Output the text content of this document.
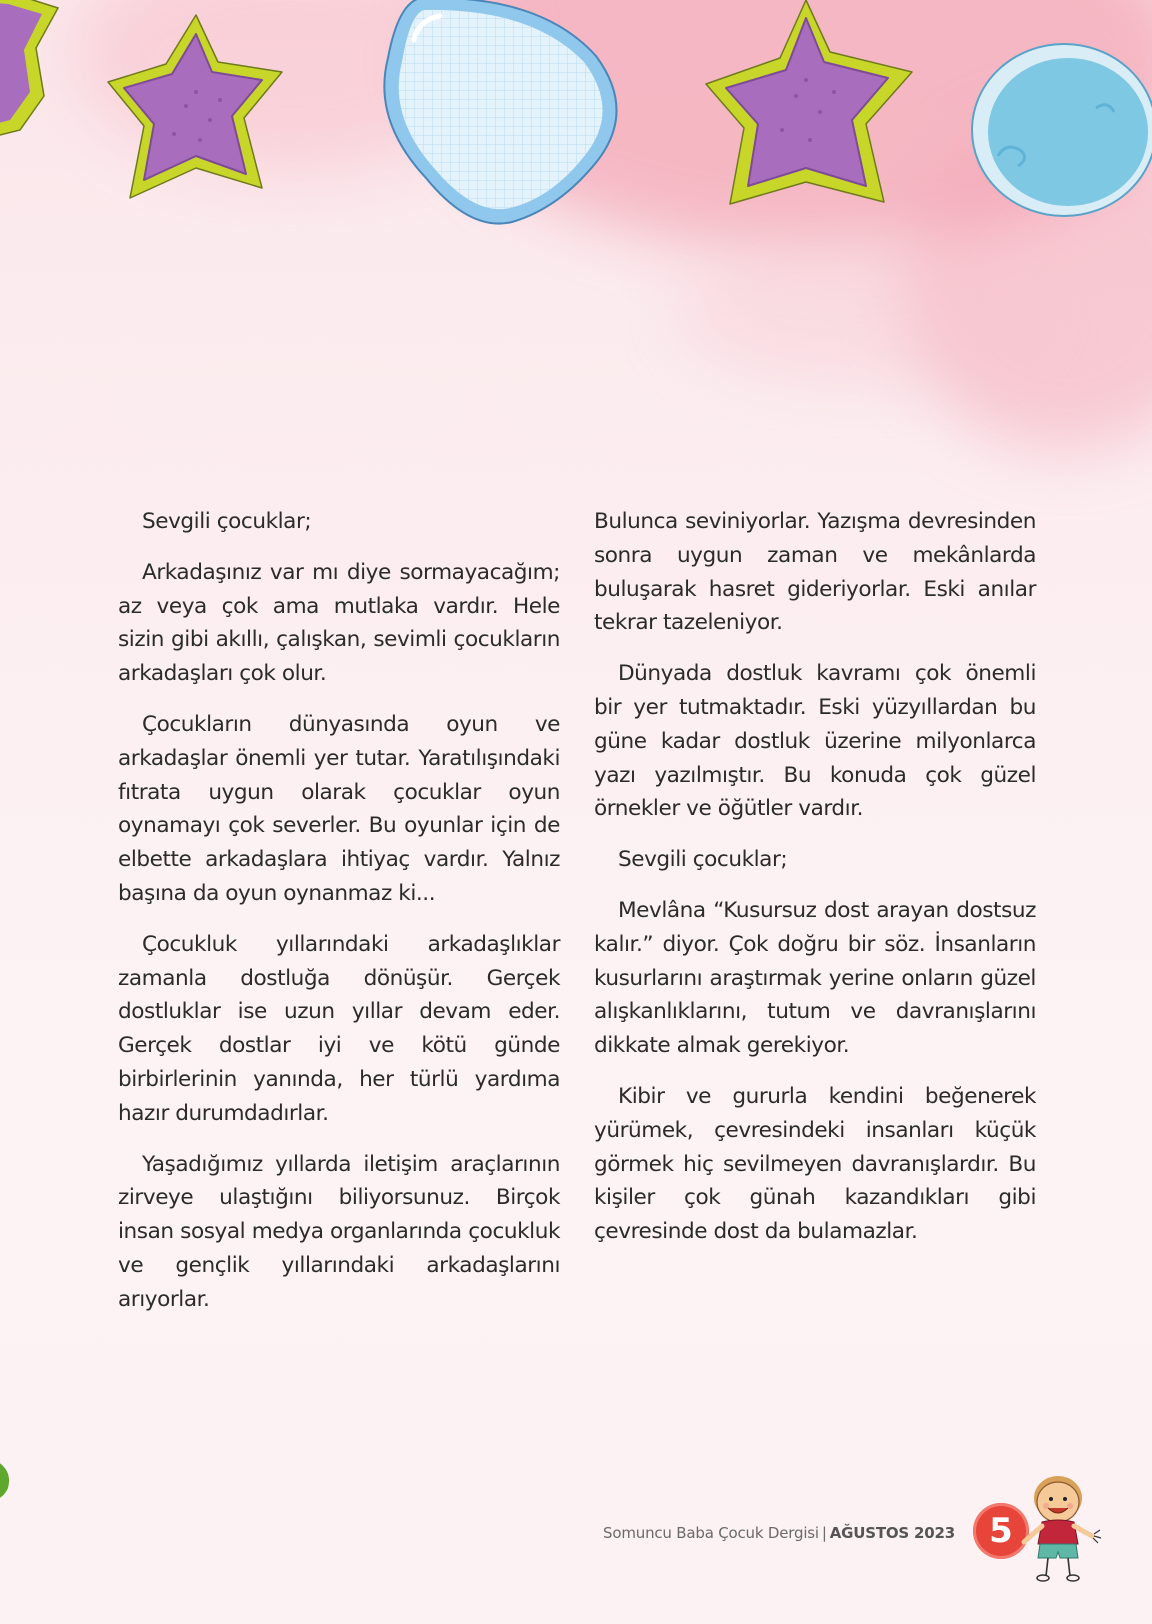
Sevgili çocuklar;

Arkadaşınız var mı diye sormayacağım; az veya çok ama mutlaka vardır. Hele sizin gibi akıllı, çalışkan, sevimli çocukların arkadaşları çok olur.

Çocukların dünyasında oyun ve arkadaşlar önemli yer tutar. Yaratılışındaki fıtrata uygun olarak çocuklar oyun oynamayı çok severler. Bu oyunlar için de elbette arkadaşlara ihtiyaç vardır. Yalnız başına da oyun oynanmaz ki...

Çocukluk yıllarındaki arkadaşlıklar zamanla dostluğa dönüşür. Gerçek dostluklar ise uzun yıllar devam eder. Gerçek dostlar iyi ve kötü günde birbirlerinin yanında, her türlü yardıma hazır durumdadırlar.

Yaşadığımız yıllarda iletişim araçlarının zirveye ulaştığını biliyorsunuz. Birçok insan sosyal medya organlarında çocukluk ve gençlik yıllarındaki arkadaşlarını arıyorlar.

Bulunca seviniyorlar. Yazışma devresinden sonra uygun zaman ve mekânlarda buluşarak hasret gideriyorlar. Eski anılar tekrar tazeleniyor.

Dünyada dostluk kavramı çok önemli bir yer tutmaktadır. Eski yüzyıllardan bu güne kadar dostluk üzerine milyonlarca yazı yazılmıştır. Bu konuda çok güzel örnekler ve öğütler vardır.

Sevgili çocuklar;

Mevlâna “Kusursuz dost arayan dostsuz kalır.” diyor. Çok doğru bir söz. İnsanların kusurlarını araştırmak yerine onların güzel alışkanlıklarını, tutum ve davranışlarını dikkate almak gerekiyor.

Kibir ve gururla kendini beğenerek yürümek, çevresindeki insanları küçük görmek hiç sevilmeyen davranışlardır. Bu kişiler çok günah kazandıkları gibi çevresinde dost da bulamazlar.

Somuncu Baba Çocuk Dergisi | AĞUSTOS 2023	5
